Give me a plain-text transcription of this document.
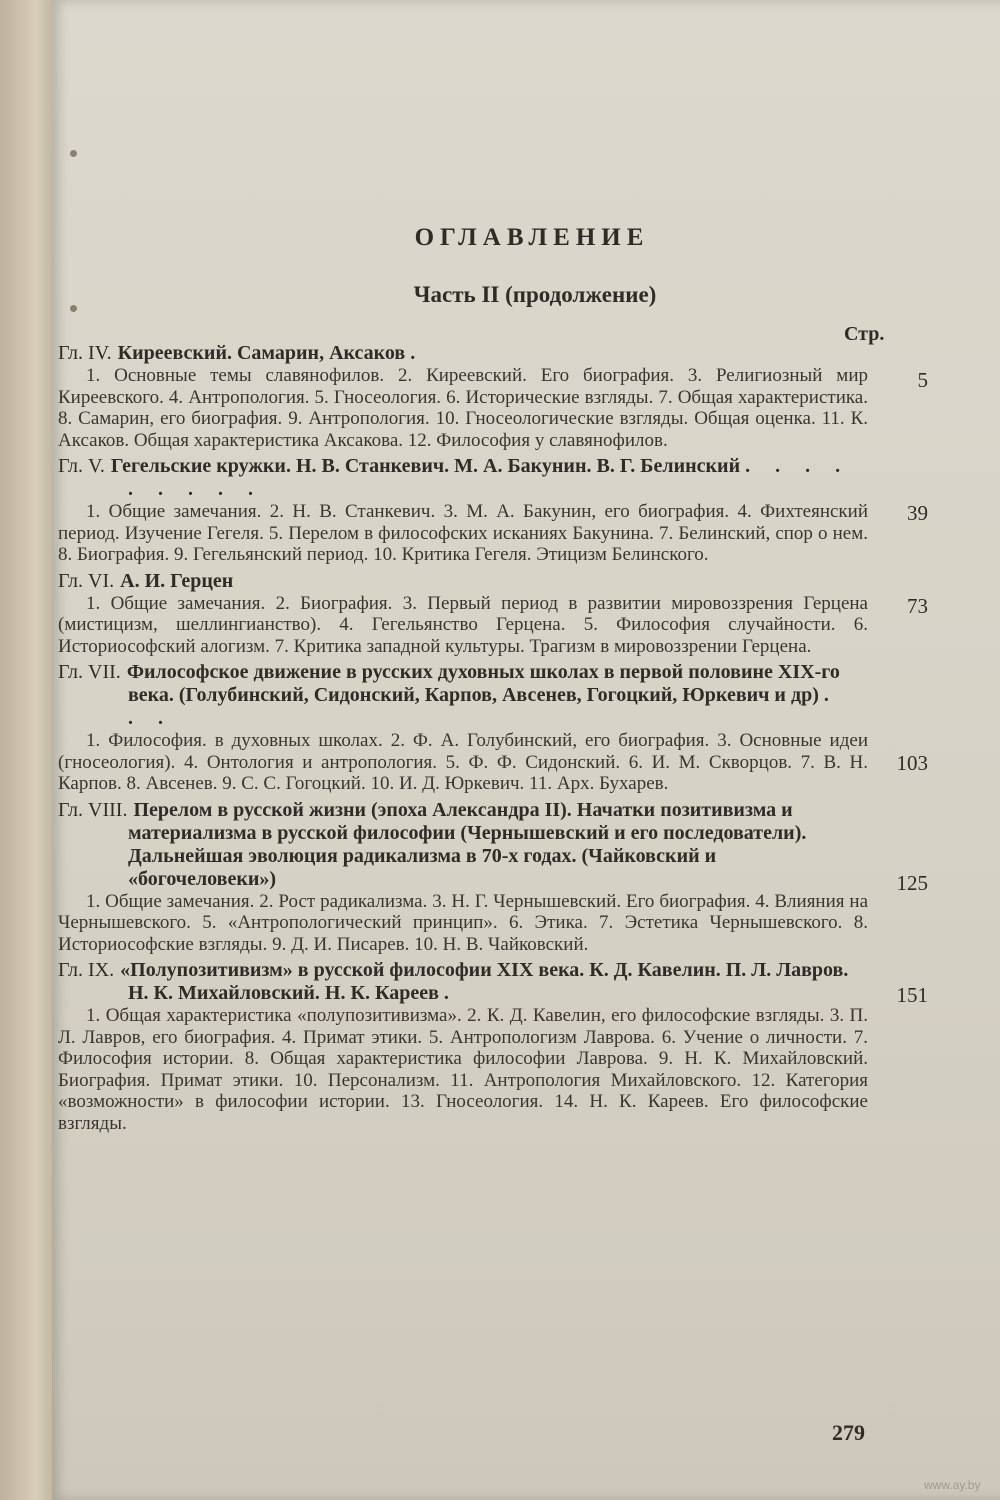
ОГЛАВЛЕНИЕ
Часть II (продолжение)
Стр.
Гл. IV. Киреевский. Самарин, Аксаков .
1. Основные темы славянофилов. 2. Киреевский. Его биография. 3. Религиозный мир Киреевского. 4. Антропология. 5. Гносеология. 6. Исторические взгляды. 7. Общая характеристика. 8. Самарин, его биография. 9. Антропология. 10. Гносеологические взгляды. Общая оценка. 11. К. Аксаков. Общая характеристика Аксакова. 12. Философия у славянофилов.
5
Гл. V. Гегельские кружки. Н. В. Станкевич. М. А. Бакунин. В. Г. Белинский . . . . . . . . .
1. Общие замечания. 2. Н. В. Станкевич. 3. М. А. Бакунин, его биография. 4. Фихтеянский период. Изучение Гегеля. 5. Перелом в философских исканиях Бакунина. 7. Белинский, спор о нем. 8. Биография. 9. Гегельянский период. 10. Критика Гегеля. Этицизм Белинского.
39
Гл. VI. А. И. Герцен
1. Общие замечания. 2. Биография. 3. Первый период в развитии мировоззрения Герцена (мистицизм, шеллингианство). 4. Гегельянство Герцена. 5. Философия случайности. 6. Историософский алогизм. 7. Критика западной культуры. Трагизм в мировоззрении Герцена.
73
Гл. VII. Философское движение в русских духовных школах в первой половине XIX-го века. (Голубинский, Сидонский, Карпов, Авсенев, Гогоцкий, Юркевич и др) . . .
1. Философия. в духовных школах. 2. Ф. А. Голубинский, его биография. 3. Основные идеи (гносеология). 4. Онтология и антропология. 5. Ф. Ф. Сидонский. 6. И. М. Скворцов. 7. В. Н. Карпов. 8. Авсенев. 9. С. С. Гогоцкий. 10. И. Д. Юркевич. 11. Арх. Бухарев.
103
Гл. VIII. Перелом в русской жизни (эпоха Александра II). Начатки позитивизма и материализма в русской философии (Чернышевский и его последователи). Дальнейшая эволюция радикализма в 70-х годах. (Чайковский и «богочеловеки»)
1. Общие замечания. 2. Рост радикализма. 3. Н. Г. Чернышевский. Его биография. 4. Влияния на Чернышевского. 5. «Антропологический принцип». 6. Этика. 7. Эстетика Чернышевского. 8. Историософские взгляды. 9. Д. И. Писарев. 10. Н. В. Чайковский.
125
Гл. IX. «Полупозитивизм» в русской философии XIX века. К. Д. Кавелин. П. Л. Лавров. Н. К. Михайловский. Н. К. Кареев .
1. Общая характеристика «полупозитивизма». 2. К. Д. Кавелин, его философские взгляды. 3. П. Л. Лавров, его биография. 4. Примат этики. 5. Антропологизм Лаврова. 6. Учение о личности. 7. Философия истории. 8. Общая характеристика философии Лаврова. 9. Н. К. Михайловский. Биография. Примат этики. 10. Персонализм. 11. Антропология Михайловского. 12. Категория «возможности» в философии истории. 13. Гносеология. 14. Н. К. Кареев. Его философские взгляды.
151
279
www.ay.by
